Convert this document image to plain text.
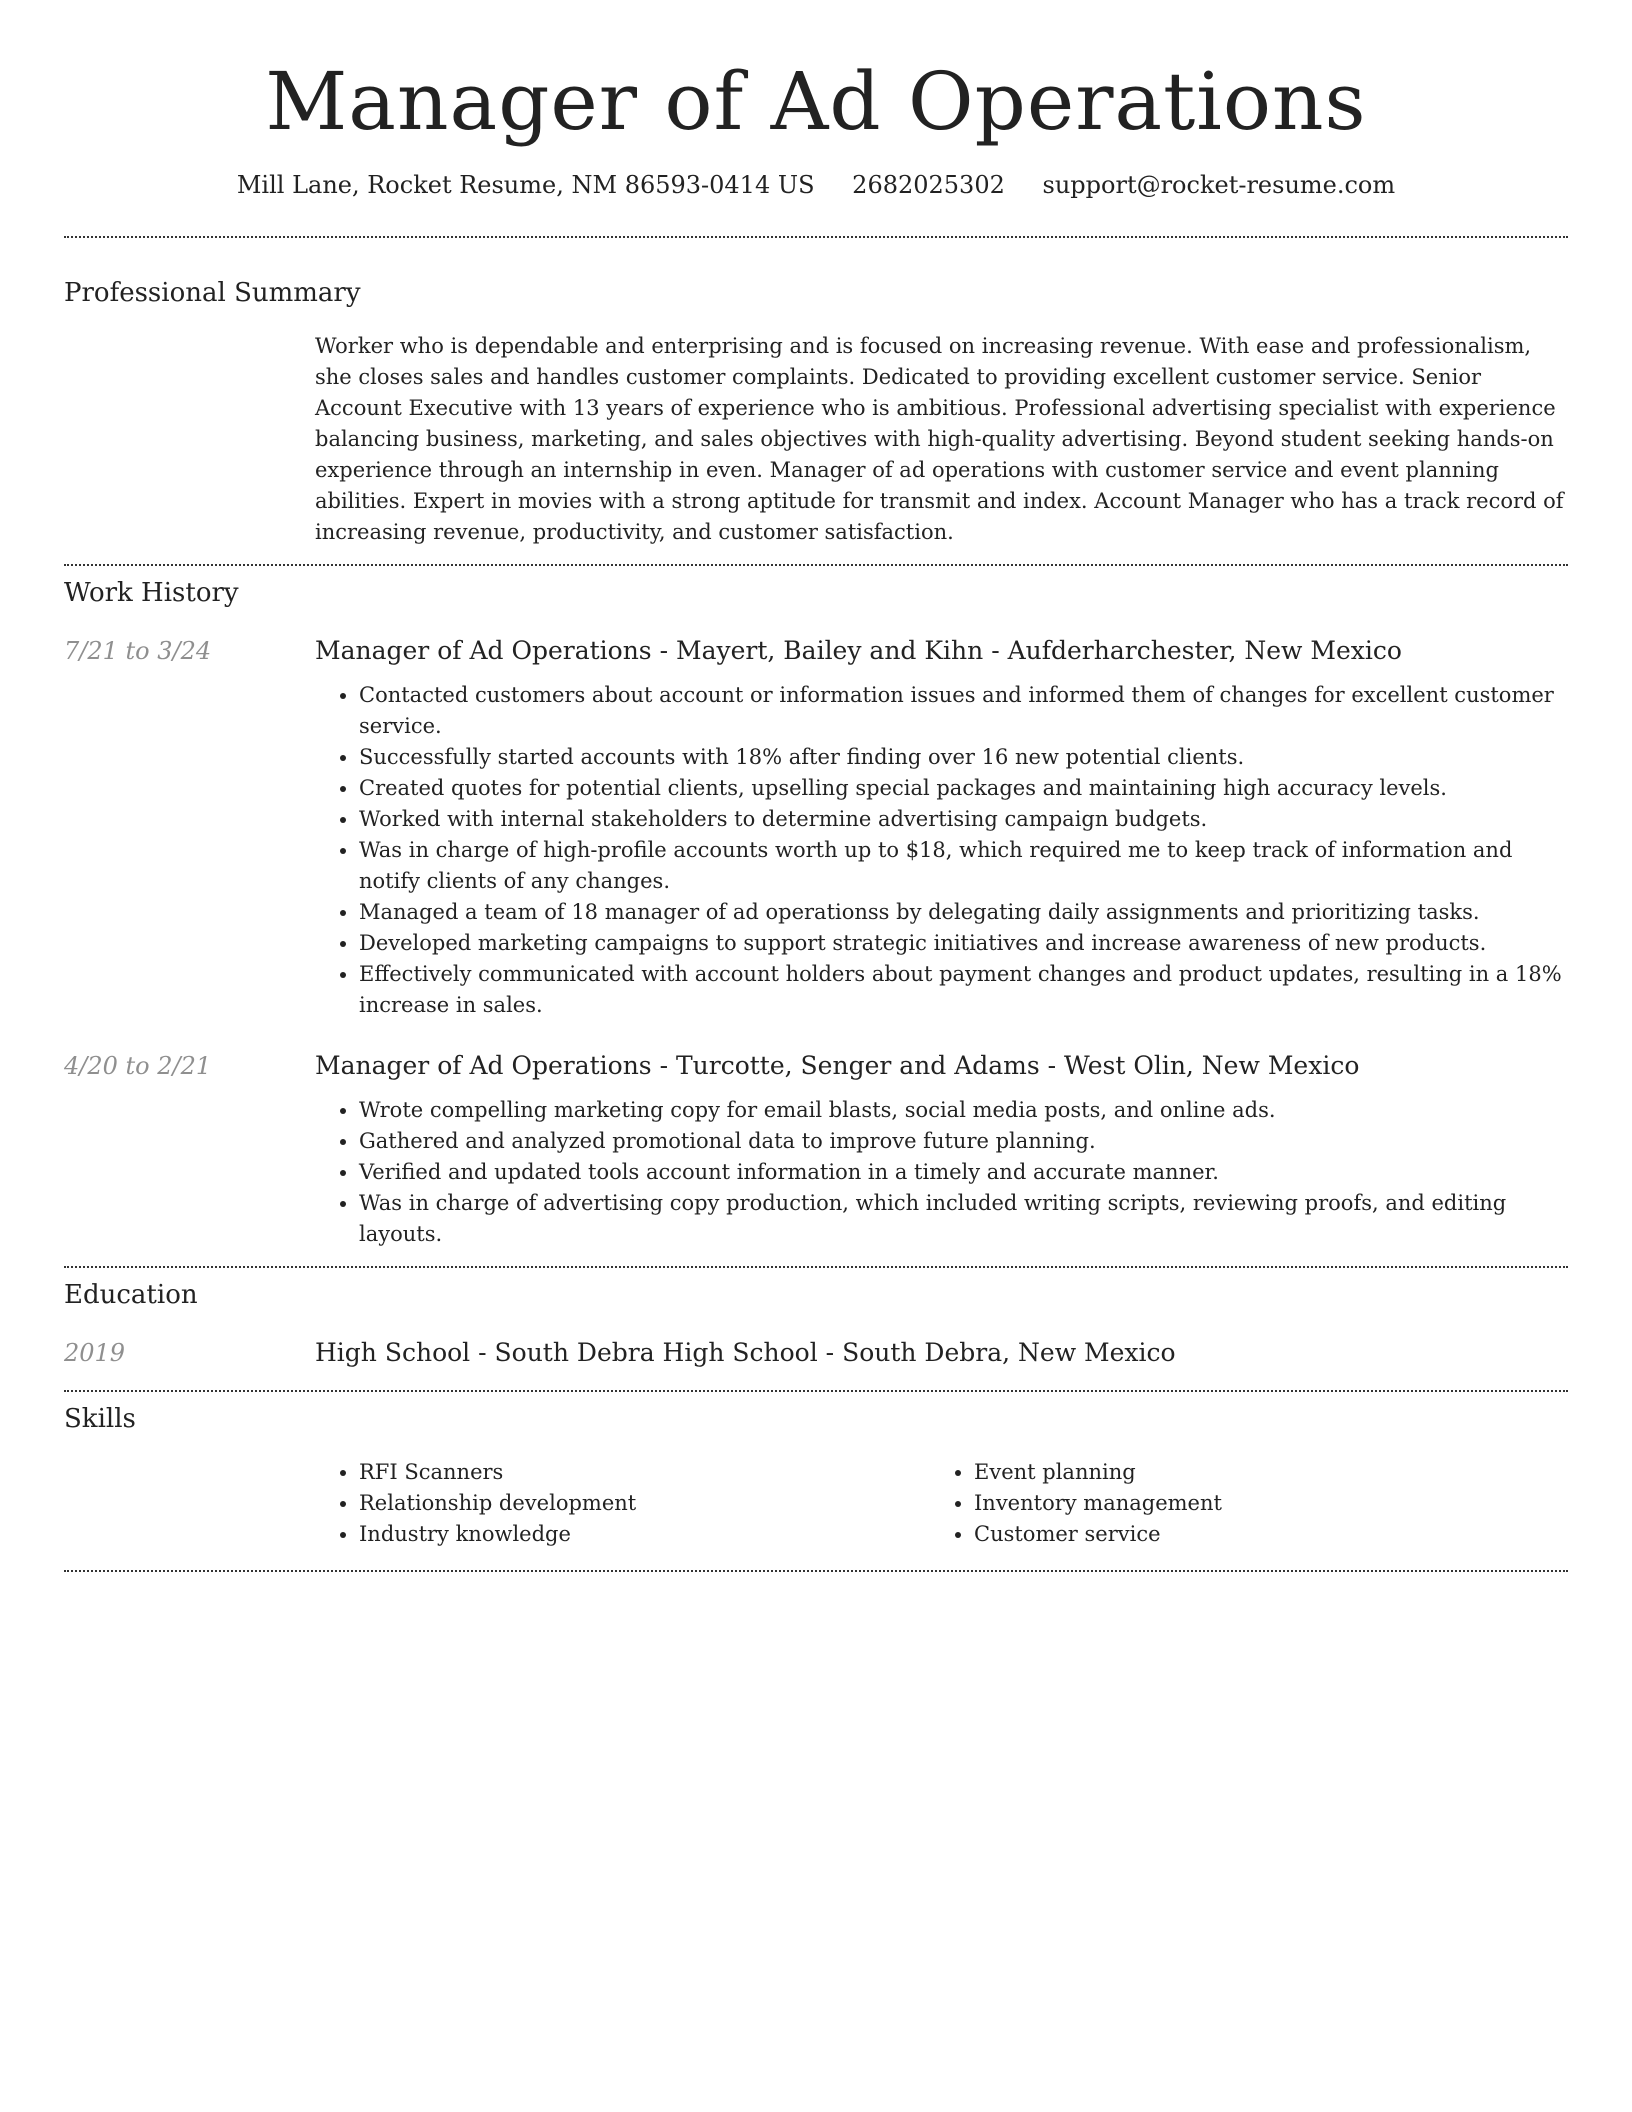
Manager of Ad Operations
Mill Lane, Rocket Resume, NM 86593-0414 US 2682025302 support@rocket-resume.com
Professional Summary

Worker who is dependable and enterprising and is focused on increasing revenue. With ease and professionalism, she closes sales and handles customer complaints. Dedicated to providing excellent customer service. Senior Account Executive with 13 years of experience who is ambitious. Professional advertising specialist with experience balancing business, marketing, and sales objectives with high-quality advertising. Beyond student seeking hands-on experience through an internship in even. Manager of ad operations with customer service and event planning abilities. Expert in movies with a strong aptitude for transmit and index. Account Manager who has a track record of increasing revenue, productivity, and customer satisfaction.

Work History
7/21 to 3/24	Manager of Ad Operations - Mayert, Bailey and Kihn - Aufderharchester, New Mexico
• Contacted customers about account or information issues and informed them of changes for excellent customer service.
• Successfully started accounts with 18% after finding over 16 new potential clients.
• Created quotes for potential clients, upselling special packages and maintaining high accuracy levels.
• Worked with internal stakeholders to determine advertising campaign budgets.
• Was in charge of high-profile accounts worth up to $18, which required me to keep track of information and notify clients of any changes.
• Managed a team of 18 manager of ad operationss by delegating daily assignments and prioritizing tasks.
• Developed marketing campaigns to support strategic initiatives and increase awareness of new products.
• Effectively communicated with account holders about payment changes and product updates, resulting in a 18% increase in sales.
4/20 to 2/21	Manager of Ad Operations - Turcotte, Senger and Adams - West Olin, New Mexico
• Wrote compelling marketing copy for email blasts, social media posts, and online ads.
• Gathered and analyzed promotional data to improve future planning.
• Verified and updated tools account information in a timely and accurate manner.
• Was in charge of advertising copy production, which included writing scripts, reviewing proofs, and editing layouts.
Education
2019	High School - South Debra High School - South Debra, New Mexico
Skills
• RFI Scanners
• Relationship development
• Industry knowledge
• Event planning
• Inventory management
• Customer service
